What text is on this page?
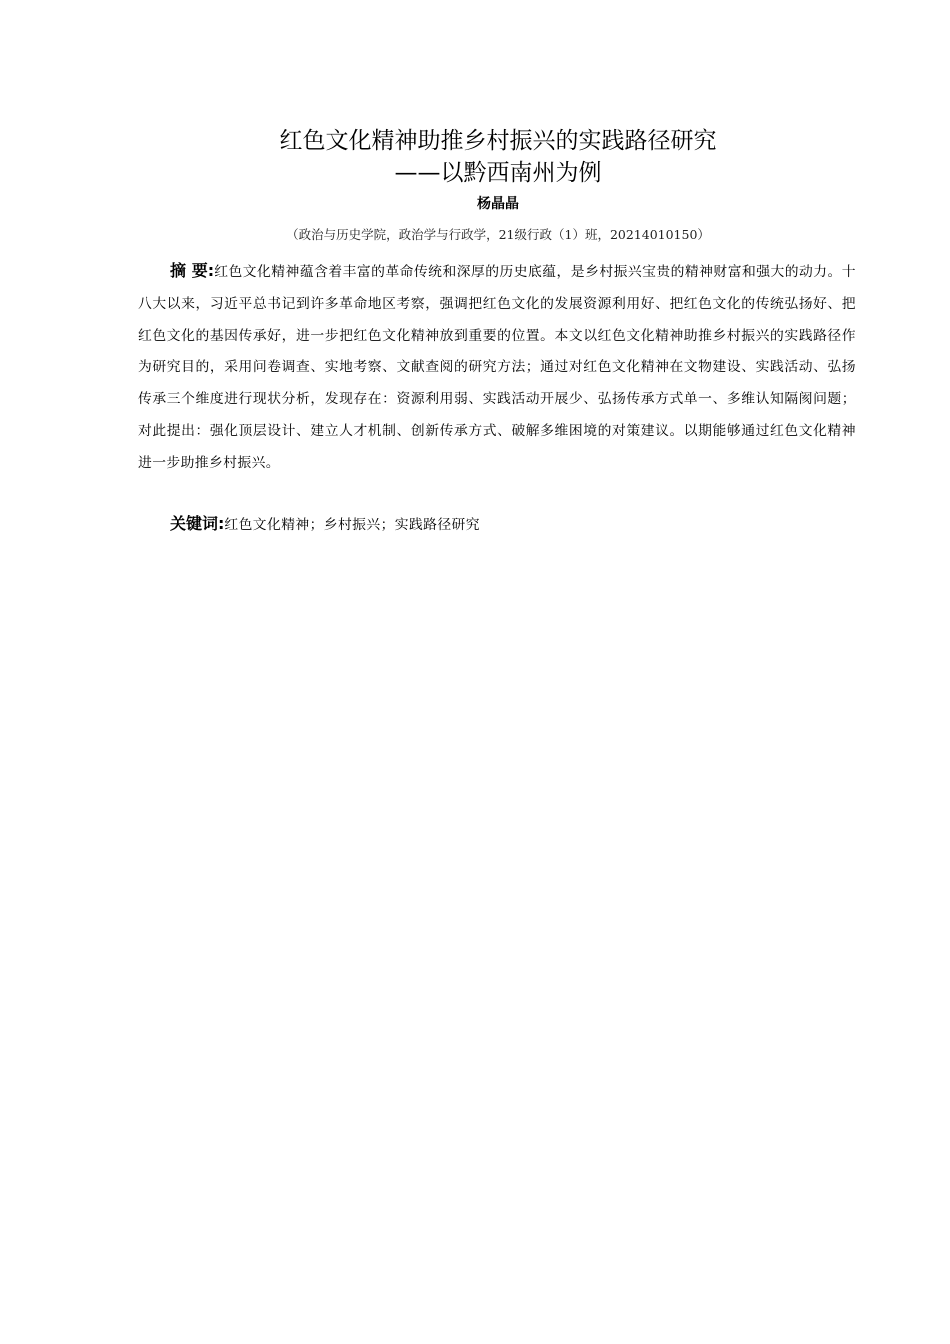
红色文化精神助推乡村振兴的实践路径研究
——以黔西南州为例
杨晶晶
（政治与历史学院，政治学与行政学，21级行政（1）班，20214010150）

摘 要:红色文化精神蕴含着丰富的革命传统和深厚的历史底蕴，是乡村振兴宝贵的精神财富和强大的动力。十八大以来，习近平总书记到许多革命地区考察，强调把红色文化的发展资源利用好、把红色文化的传统弘扬好、把红色文化的基因传承好，进一步把红色文化精神放到重要的位置。本文以红色文化精神助推乡村振兴的实践路径作为研究目的，采用问卷调查、实地考察、文献查阅的研究方法；通过对红色文化精神在文物建设、实践活动、弘扬传承三个维度进行现状分析，发现存在：资源利用弱、实践活动开展少、弘扬传承方式单一、多维认知隔阂问题；对此提出：强化顶层设计、建立人才机制、创新传承方式、破解多维困境的对策建议。以期能够通过红色文化精神进一步助推乡村振兴。

关键词:红色文化精神；乡村振兴；实践路径研究
